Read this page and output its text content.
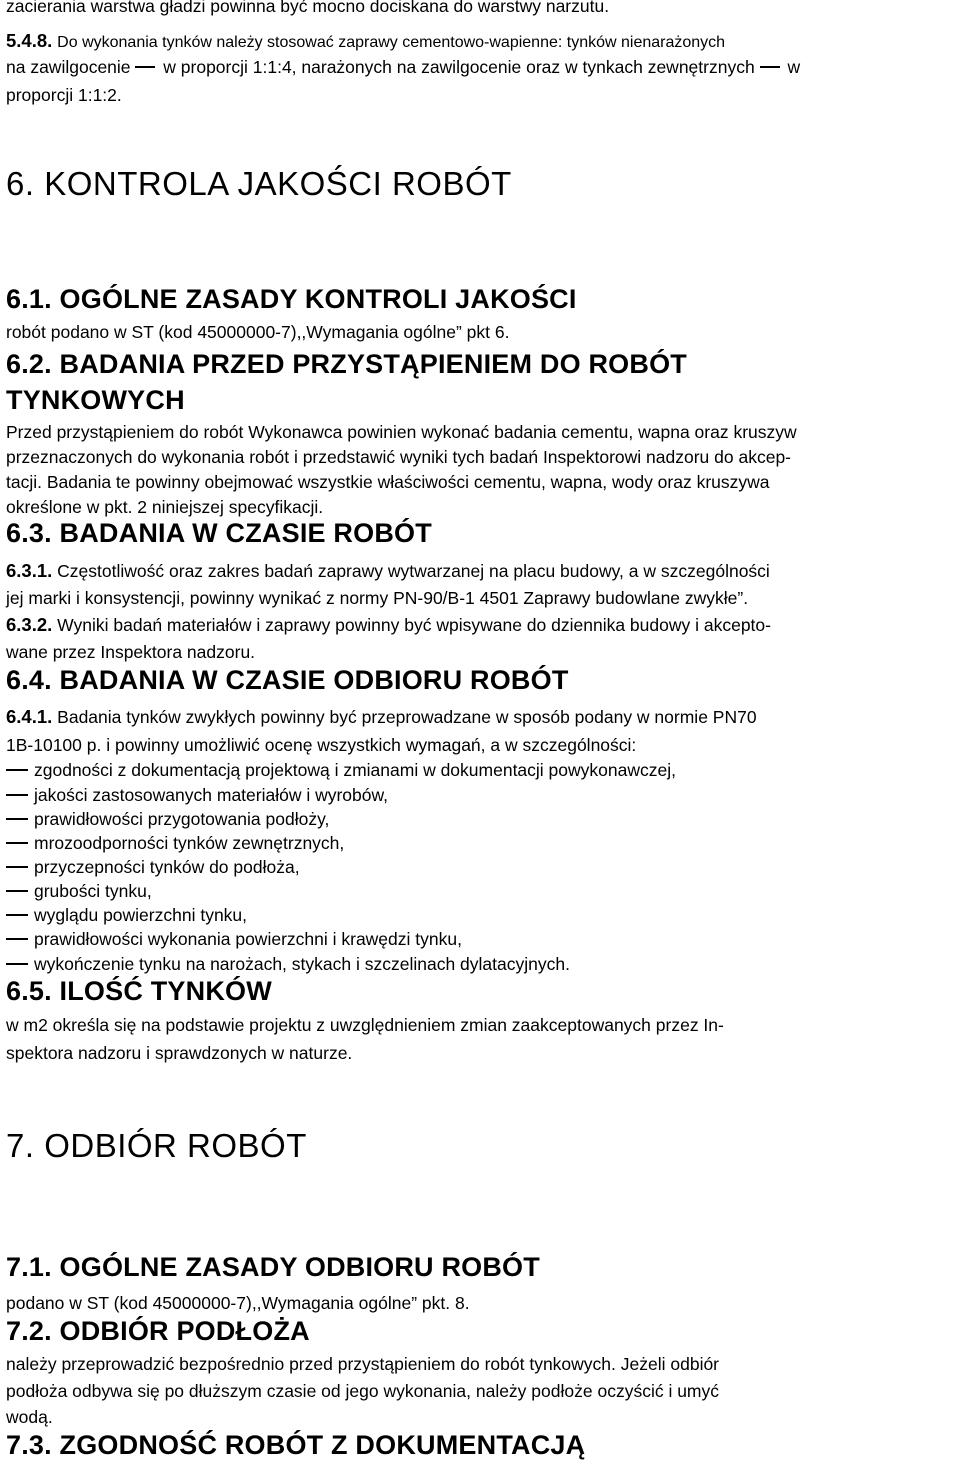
zacierania warstwa gładzi powinna być mocno dociskana do warstwy narzutu.

5.4.8. Do wykonania tynków należy stosować zaprawy cementowo-wapienne: tynków nienarażonych

na zawilgocenie w proporcji 1:1:4, narażonych na zawilgocenie oraz w tynkach zewnętrznych w

proporcji 1:1:2.

6. KONTROLA JAKOŚCI ROBÓT
6.1. OGÓLNE ZASADY KONTROLI JAKOŚCI

robót podano w ST (kod 45000000-7),,Wymagania ogólne” pkt 6.

6.2. BADANIA PRZED PRZYSTĄPIENIEM DO ROBÓT
TYNKOWYCH

Przed przystąpieniem do robót Wykonawca powinien wykonać badania cementu, wapna oraz kruszyw

przeznaczonych do wykonania robót i przedstawić wyniki tych badań Inspektorowi nadzoru do akcep-

tacji. Badania te powinny obejmować wszystkie właściwości cementu, wapna, wody oraz kruszywa

określone w pkt. 2 niniejszej specyfikacji.

6.3. BADANIA W CZASIE ROBÓT

6.3.1. Częstotliwość oraz zakres badań zaprawy wytwarzanej na placu budowy, a w szczególności

jej marki i konsystencji, powinny wynikać z normy PN-90/B-1 4501 Zaprawy budowlane zwykłe”.

6.3.2. Wyniki badań materiałów i zaprawy powinny być wpisywane do dziennika budowy i akcepto-

wane przez Inspektora nadzoru.

6.4. BADANIA W CZASIE ODBIORU ROBÓT

6.4.1. Badania tynków zwykłych powinny być przeprowadzane w sposób podany w normie PN70

1B-10100 p. i powinny umożliwić ocenę wszystkich wymagań, a w szczególności:

zgodności z dokumentacją projektową i zmianami w dokumentacji powykonawczej,

jakości zastosowanych materiałów i wyrobów,

prawidłowości przygotowania podłoży,

mrozoodporności tynków zewnętrznych,

przyczepności tynków do podłoża,

grubości tynku,

wyglądu powierzchni tynku,

prawidłowości wykonania powierzchni i krawędzi tynku,

wykończenie tynku na narożach, stykach i szczelinach dylatacyjnych.

6.5. ILOŚĆ TYNKÓW

w m2 określa się na podstawie projektu z uwzględnieniem zmian zaakceptowanych przez In-

spektora nadzoru i sprawdzonych w naturze.

7. ODBIÓR ROBÓT
7.1. OGÓLNE ZASADY ODBIORU ROBÓT

podano w ST (kod 45000000-7),,Wymagania ogólne” pkt. 8.

7.2. ODBIÓR PODŁOŻA

należy przeprowadzić bezpośrednio przed przystąpieniem do robót tynkowych. Jeżeli odbiór

podłoża odbywa się po dłuższym czasie od jego wykonania, należy podłoże oczyścić i umyć

wodą.

7.3. ZGODNOŚĆ ROBÓT Z DOKUMENTACJĄ
